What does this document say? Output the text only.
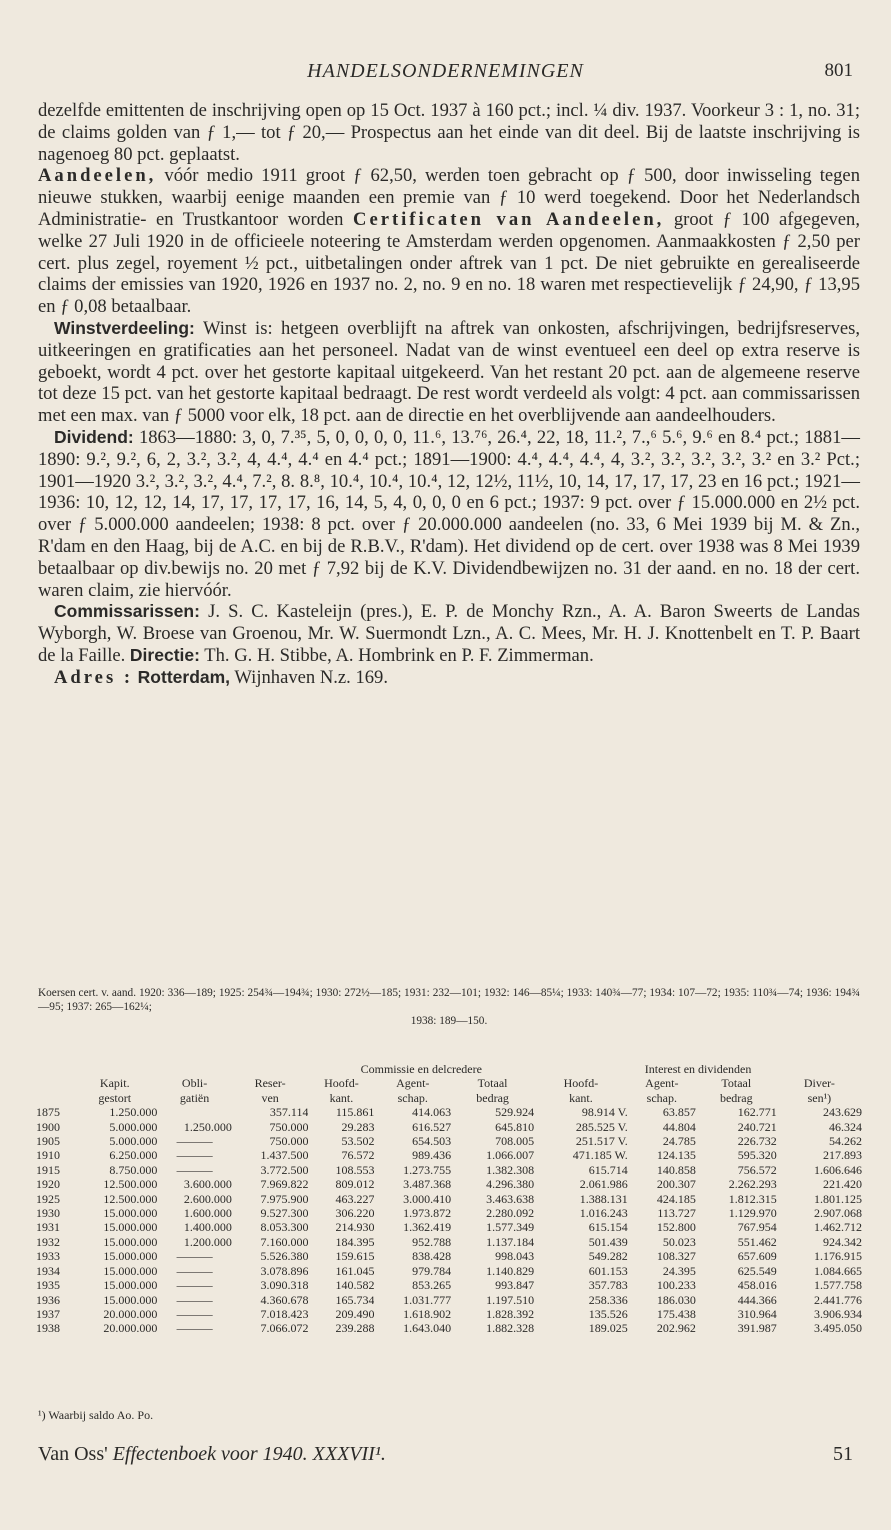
HANDELSONDERNEMINGEN	801

dezelfde emittenten de inschrijving open op 15 Oct. 1937 à 160 pct.; incl. ¼ div. 1937. Voorkeur 3 : 1, no. 31; de claims golden van ƒ 1,— tot ƒ 20,— Prospectus aan het einde van dit deel. Bij de laatste inschrijving is nagenoeg 80 pct. geplaatst.

Aandeelen, vóór medio 1911 groot ƒ 62,50, werden toen gebracht op ƒ 500, door inwisseling tegen nieuwe stukken, waarbij eenige maanden een premie van ƒ 10 werd toegekend. Door het Nederlandsch Administratie- en Trustkantoor worden Certificaten van Aandeelen, groot ƒ 100 afgegeven, welke 27 Juli 1920 in de officieele noteering te Amsterdam werden opgenomen. Aanmaakkosten ƒ 2,50 per cert. plus zegel, royement ½ pct., uitbetalingen onder aftrek van 1 pct. De niet gebruikte en gerealiseerde claims der emissies van 1920, 1926 en 1937 no. 2, no. 9 en no. 18 waren met respectievelijk ƒ 24,90, ƒ 13,95 en ƒ 0,08 betaalbaar.

Winstverdeeling: Winst is: hetgeen overblijft na aftrek van onkosten, afschrijvingen, bedrijfsreserves, uitkeeringen en gratificaties aan het personeel. Nadat van de winst eventueel een deel op extra reserve is geboekt, wordt 4 pct. over het gestorte kapitaal uitgekeerd. Van het restant 20 pct. aan de algemeene reserve tot deze 15 pct. van het gestorte kapitaal bedraagt. De rest wordt verdeeld als volgt: 4 pct. aan commissarissen met een max. van ƒ 5000 voor elk, 18 pct. aan de directie en het overblijvende aan aandeelhouders.

Dividend: 1863—1880: 3, 0, 7.³⁵, 5, 0, 0, 0, 0, 11.⁶, 13.⁷⁶, 26.⁴, 22, 18, 11.², 7.,⁶ 5.⁶, 9.⁶ en 8.⁴ pct.; 1881—1890: 9.², 9.², 6, 2, 3.², 3.², 4, 4.⁴, 4.⁴ en 4.⁴ pct.; 1891—1900: 4.⁴, 4.⁴, 4.⁴, 4, 3.², 3.², 3.², 3.², 3.² en 3.² Pct.; 1901—1920 3.², 3.², 3.², 4.⁴, 7.², 8. 8.⁸, 10.⁴, 10.⁴, 10.⁴, 12, 12½, 11½, 10, 14, 17, 17, 17, 23 en 16 pct.; 1921—1936: 10, 12, 12, 14, 17, 17, 17, 17, 16, 14, 5, 4, 0, 0, 0 en 6 pct.; 1937: 9 pct. over ƒ 15.000.000 en 2½ pct. over ƒ 5.000.000 aandeelen; 1938: 8 pct. over ƒ 20.000.000 aandeelen (no. 33, 6 Mei 1939 bij M. & Zn., R'dam en den Haag, bij de A.C. en bij de R.B.V., R'dam). Het dividend op de cert. over 1938 was 8 Mei 1939 betaalbaar op div.bewijs no. 20 met ƒ 7,92 bij de K.V. Dividendbewijzen no. 31 der aand. en no. 18 der cert. waren claim, zie hiervóór.

Commissarissen: J. S. C. Kasteleijn (pres.), E. P. de Monchy Rzn., A. A. Baron Sweerts de Landas Wyborgh, W. Broese van Groenou, Mr. W. Suermondt Lzn., A. C. Mees, Mr. H. J. Knottenbelt en T. P. Baart de la Faille. Directie: Th. G. H. Stibbe, A. Hombrink en P. F. Zimmerman.

Adres : Rotterdam, Wijnhaven N.z. 169.

Koersen cert. v. aand. 1920: 336—189; 1925: 254¾—194¾; 1930: 272½—185; 1931: 232—101; 1932: 146—85¼; 1933: 140¾—77; 1934: 107—72; 1935: 110¾—74; 1936: 194¾—95; 1937: 265—162¼;
1938: 189—150.
				Commissie en delcredere			Interest en dividenden			
	Kapit.	Obli-	Reser-	Hoofd-	Agent-	Totaal	Hoofd-	Agent-	Totaal	Diver-
	gestort	gatiën	ven	kant.	schap.	bedrag	kant.	schap.	bedrag	sen¹)
1875	1.250.000		357.114	115.861	414.063	529.924	98.914 V.	63.857	162.771	243.629
1900	5.000.000	1.250.000	750.000	29.283	616.527	645.810	285.525 V.	44.804	240.721	46.324
1905	5.000.000	———	750.000	53.502	654.503	708.005	251.517 V.	24.785	226.732	54.262
1910	6.250.000	———	1.437.500	76.572	989.436	1.066.007	471.185 W.	124.135	595.320	217.893
1915	8.750.000	———	3.772.500	108.553	1.273.755	1.382.308	615.714	140.858	756.572	1.606.646
1920	12.500.000	3.600.000	7.969.822	809.012	3.487.368	4.296.380	2.061.986	200.307	2.262.293	221.420
1925	12.500.000	2.600.000	7.975.900	463.227	3.000.410	3.463.638	1.388.131	424.185	1.812.315	1.801.125
1930	15.000.000	1.600.000	9.527.300	306.220	1.973.872	2.280.092	1.016.243	113.727	1.129.970	2.907.068
1931	15.000.000	1.400.000	8.053.300	214.930	1.362.419	1.577.349	615.154	152.800	767.954	1.462.712
1932	15.000.000	1.200.000	7.160.000	184.395	952.788	1.137.184	501.439	50.023	551.462	924.342
1933	15.000.000	———	5.526.380	159.615	838.428	998.043	549.282	108.327	657.609	1.176.915
1934	15.000.000	———	3.078.896	161.045	979.784	1.140.829	601.153	24.395	625.549	1.084.665
1935	15.000.000	———	3.090.318	140.582	853.265	993.847	357.783	100.233	458.016	1.577.758
1936	15.000.000	———	4.360.678	165.734	1.031.777	1.197.510	258.336	186.030	444.366	2.441.776
1937	20.000.000	———	7.018.423	209.490	1.618.902	1.828.392	135.526	175.438	310.964	3.906.934
1938	20.000.000	———	7.066.072	239.288	1.643.040	1.882.328	189.025	202.962	391.987	3.495.050
¹) Waarbij saldo Ao. Po.
Van Oss' Effectenboek voor 1940. XXXVII¹.	51
